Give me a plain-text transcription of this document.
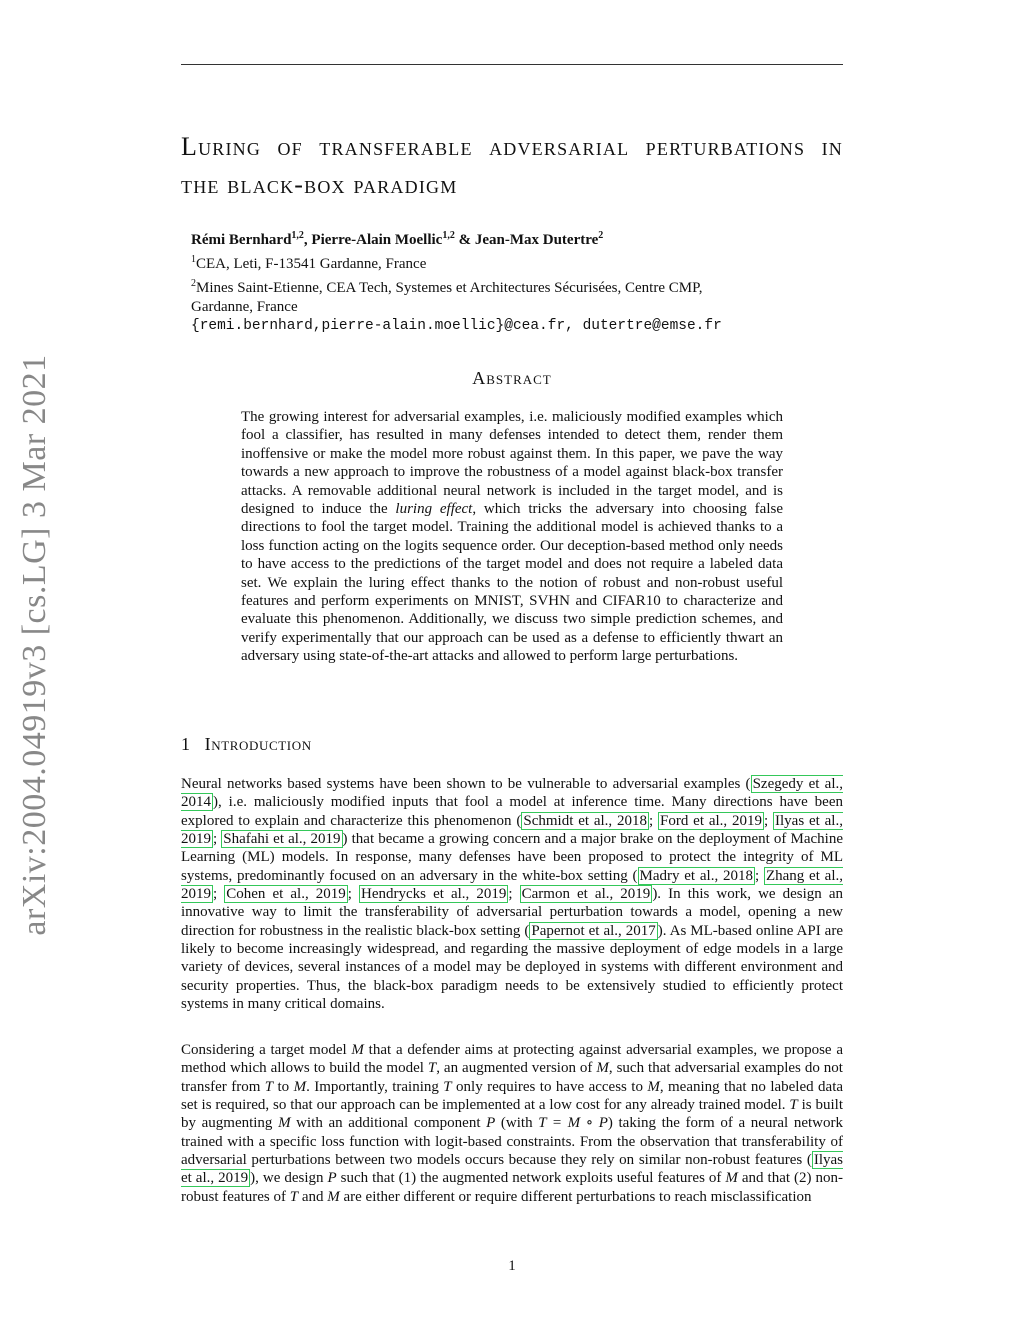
arXiv:2004.04919v3 [cs.LG] 3 Mar 2021
Luring of transferable adversarial perturbations in the black-box paradigm
Rémi Bernhard$^{1,2}$, Pierre-Alain Moellic$^{1,2}$ & Jean-Max Dutertre$^2$
$^1$CEA, Leti, F-13541 Gardanne, France
$^2$Mines Saint-Etienne, CEA Tech, Systemes et Architectures Sécurisées, Centre CMP,
Gardanne, France
{remi.bernhard,pierre-alain.moellic}@cea.fr, dutertre@emse.fr
Abstract
The growing interest for adversarial examples, i.e. maliciously modified examples which fool a classifier, has resulted in many defenses intended to detect them, render them inoffensive or make the model more robust against them. In this paper, we pave the way towards a new approach to improve the robustness of a model against black-box transfer attacks. A removable additional neural network is included in the target model, and is designed to induce the luring effect, which tricks the adversary into choosing false directions to fool the target model. Training the additional model is achieved thanks to a loss function acting on the logits sequence order. Our deception-based method only needs to have access to the predictions of the target model and does not require a labeled data set. We explain the luring effect thanks to the notion of robust and non-robust useful features and perform experiments on MNIST, SVHN and CIFAR10 to characterize and evaluate this phenomenon. Additionally, we discuss two simple prediction schemes, and verify experimentally that our approach can be used as a defense to efficiently thwart an adversary using state-of-the-art attacks and allowed to perform large perturbations.
1 Introduction

Neural networks based systems have been shown to be vulnerable to adversarial examples ( Szegedy et al., 2014 ), i.e. maliciously modified inputs that fool a model at inference time. Many directions have been explored to explain and characterize this phenomenon ( Schmidt et al., 2018 ; Ford et al., 2019 ; Ilyas et al., 2019 ; Shafahi et al., 2019 ) that became a growing concern and a major brake on the deployment of Machine Learning (ML) models. In response, many defenses have been proposed to protect the integrity of ML systems, predominantly focused on an adversary in the white-box setting ( Madry et al., 2018 ; Zhang et al., 2019 ; Cohen et al., 2019 ; Hendrycks et al., 2019 ; Carmon et al., 2019 ). In this work, we design an innovative way to limit the transferability of adversarial perturbation towards a model, opening a new direction for robustness in the realistic black-box setting ( Papernot et al., 2017 ). As ML-based online API are likely to become increasingly widespread, and regarding the massive deployment of edge models in a large variety of devices, several instances of a model may be deployed in systems with different environment and security properties. Thus, the black-box paradigm needs to be extensively studied to efficiently protect systems in many critical domains.

Considering a target model M that a defender aims at protecting against adversarial examples, we propose a method which allows to build the model T, an augmented version of M, such that adversarial examples do not transfer from T to M. Importantly, training T only requires to have access to M, meaning that no labeled data set is required, so that our approach can be implemented at a low cost for any already trained model. T is built by augmenting M with an additional component P (with T = M ∘ P) taking the form of a neural network trained with a specific loss function with logit-based constraints. From the observation that transferability of adversarial perturbations between two models occurs because they rely on similar non-robust features ( Ilyas et al., 2019 ), we design P such that (1) the augmented network exploits useful features of M and that (2) non-robust features of T and M are either different or require different perturbations to reach misclassification

1
